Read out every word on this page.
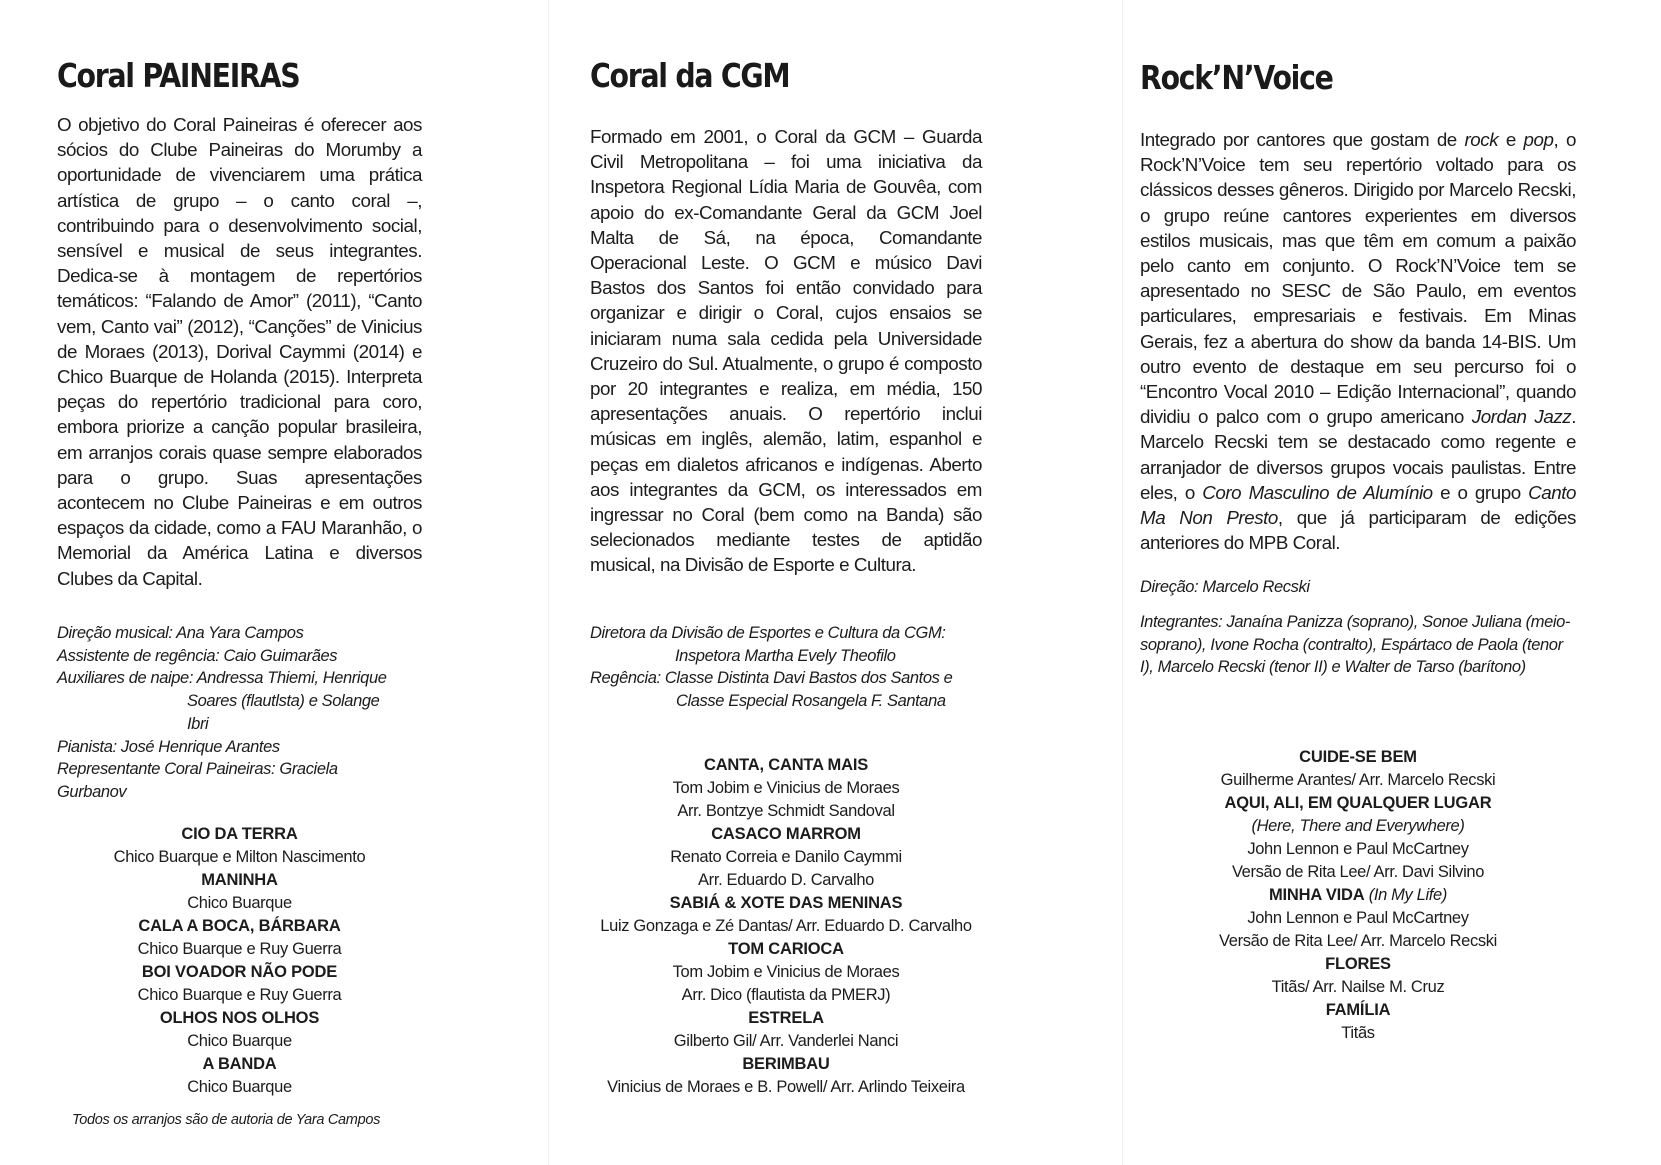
Coral PAINEIRAS

O objetivo do Coral Paineiras é oferecer aos sócios do Clube Paineiras do Morumby a oportunidade de vivenciarem uma prática artística de grupo – o canto coral –, contribuindo para o desenvolvimento social, sensível e musical de seus integrantes. Dedica-se à montagem de repertórios temáticos: “Falando de Amor” (2011), “Canto vem, Canto vai” (2012), “Canções” de Vinicius de Moraes (2013), Dorival Caymmi (2014) e Chico Buarque de Holanda (2015). Interpreta peças do repertório tradicional para coro, embora priorize a canção popular brasileira, em arranjos corais quase sempre elaborados para o grupo. Suas apresentações acontecem no Clube Paineiras e em outros espaços da cidade, como a FAU Maranhão, o Memorial da América Latina e diversos Clubes da Capital.

Direção musical: Ana Yara Campos
Assistente de regência: Caio Guimarães
Auxiliares de naipe: Andressa Thiemi, Henrique
Soares (flautlsta) e Solange
Ibri
Pianista: José Henrique Arantes
Representante Coral Paineiras: Graciela
Gurbanov
CIO DA TERRA
Chico Buarque e Milton Nascimento
MANINHA
Chico Buarque
CALA A BOCA, BÁRBARA
Chico Buarque e Ruy Guerra
BOI VOADOR NÃO PODE
Chico Buarque e Ruy Guerra
OLHOS NOS OLHOS
Chico Buarque
A BANDA
Chico Buarque
Todos os arranjos são de autoria de Yara Campos
Coral da CGM

Formado em 2001, o Coral da GCM – Guarda Civil Metropolitana – foi uma iniciativa da Inspetora Regional Lídia Maria de Gouvêa, com apoio do ex-Comandante Geral da GCM Joel Malta de Sá, na época, Comandante Operacional Leste. O GCM e músico Davi Bastos dos Santos foi então convidado para organizar e dirigir o Coral, cujos ensaios se iniciaram numa sala cedida pela Universidade Cruzeiro do Sul. Atualmente, o grupo é composto por 20 integrantes e realiza, em média, 150 apresentações anuais. O repertório inclui músicas em inglês, alemão, latim, espanhol e peças em dialetos africanos e indígenas. Aberto aos integrantes da GCM, os interessados em ingressar no Coral (bem como na Banda) são selecionados mediante testes de aptidão musical, na Divisão de Esporte e Cultura.

Diretora da Divisão de Esportes e Cultura da CGM:
Inspetora Martha Evely Theofilo
Regência: Classe Distinta Davi Bastos dos Santos e
Classe Especial Rosangela F. Santana
CANTA, CANTA MAIS
Tom Jobim e Vinicius de Moraes
Arr. Bontzye Schmidt Sandoval
CASACO MARROM
Renato Correia e Danilo Caymmi
Arr. Eduardo D. Carvalho
SABIÁ & XOTE DAS MENINAS
Luiz Gonzaga e Zé Dantas/ Arr. Eduardo D. Carvalho
TOM CARIOCA
Tom Jobim e Vinicius de Moraes
Arr. Dico (flautista da PMERJ)
ESTRELA
Gilberto Gil/ Arr. Vanderlei Nanci
BERIMBAU
Vinicius de Moraes e B. Powell/ Arr. Arlindo Teixeira
Rock’N’Voice

Integrado por cantores que gostam de rock e pop, o Rock’N’Voice tem seu repertório voltado para os clássicos desses gêneros. Dirigido por Marcelo Recski, o grupo reúne cantores experientes em diversos estilos musicais, mas que têm em comum a paixão pelo canto em conjunto. O Rock’N’Voice tem se apresentado no SESC de São Paulo, em eventos particulares, empresariais e festivais. Em Minas Gerais, fez a abertura do show da banda 14-BIS. Um outro evento de destaque em seu percurso foi o “Encontro Vocal 2010 – Edição Internacional”, quando dividiu o palco com o grupo americano Jordan Jazz. Marcelo Recski tem se destacado como regente e arranjador de diversos grupos vocais paulistas. Entre eles, o Coro Masculino de Alumínio e o grupo Canto Ma Non Presto, que já participaram de edições anteriores do MPB Coral.

Direção: Marcelo Recski
Integrantes: Janaína Panizza (soprano), Sonoe Juliana (meio-soprano), Ivone Rocha (contralto), Espártaco de Paola (tenor I), Marcelo Recski (tenor II) e Walter de Tarso (barítono)
CUIDE-SE BEM
Guilherme Arantes/ Arr. Marcelo Recski
AQUI, ALI, EM QUALQUER LUGAR
(Here, There and Everywhere)
John Lennon e Paul McCartney
Versão de Rita Lee/ Arr. Davi Silvino
MINHA VIDA (In My Life)
John Lennon e Paul McCartney
Versão de Rita Lee/ Arr. Marcelo Recski
FLORES
Titãs/ Arr. Nailse M. Cruz
FAMÍLIA
Titãs
